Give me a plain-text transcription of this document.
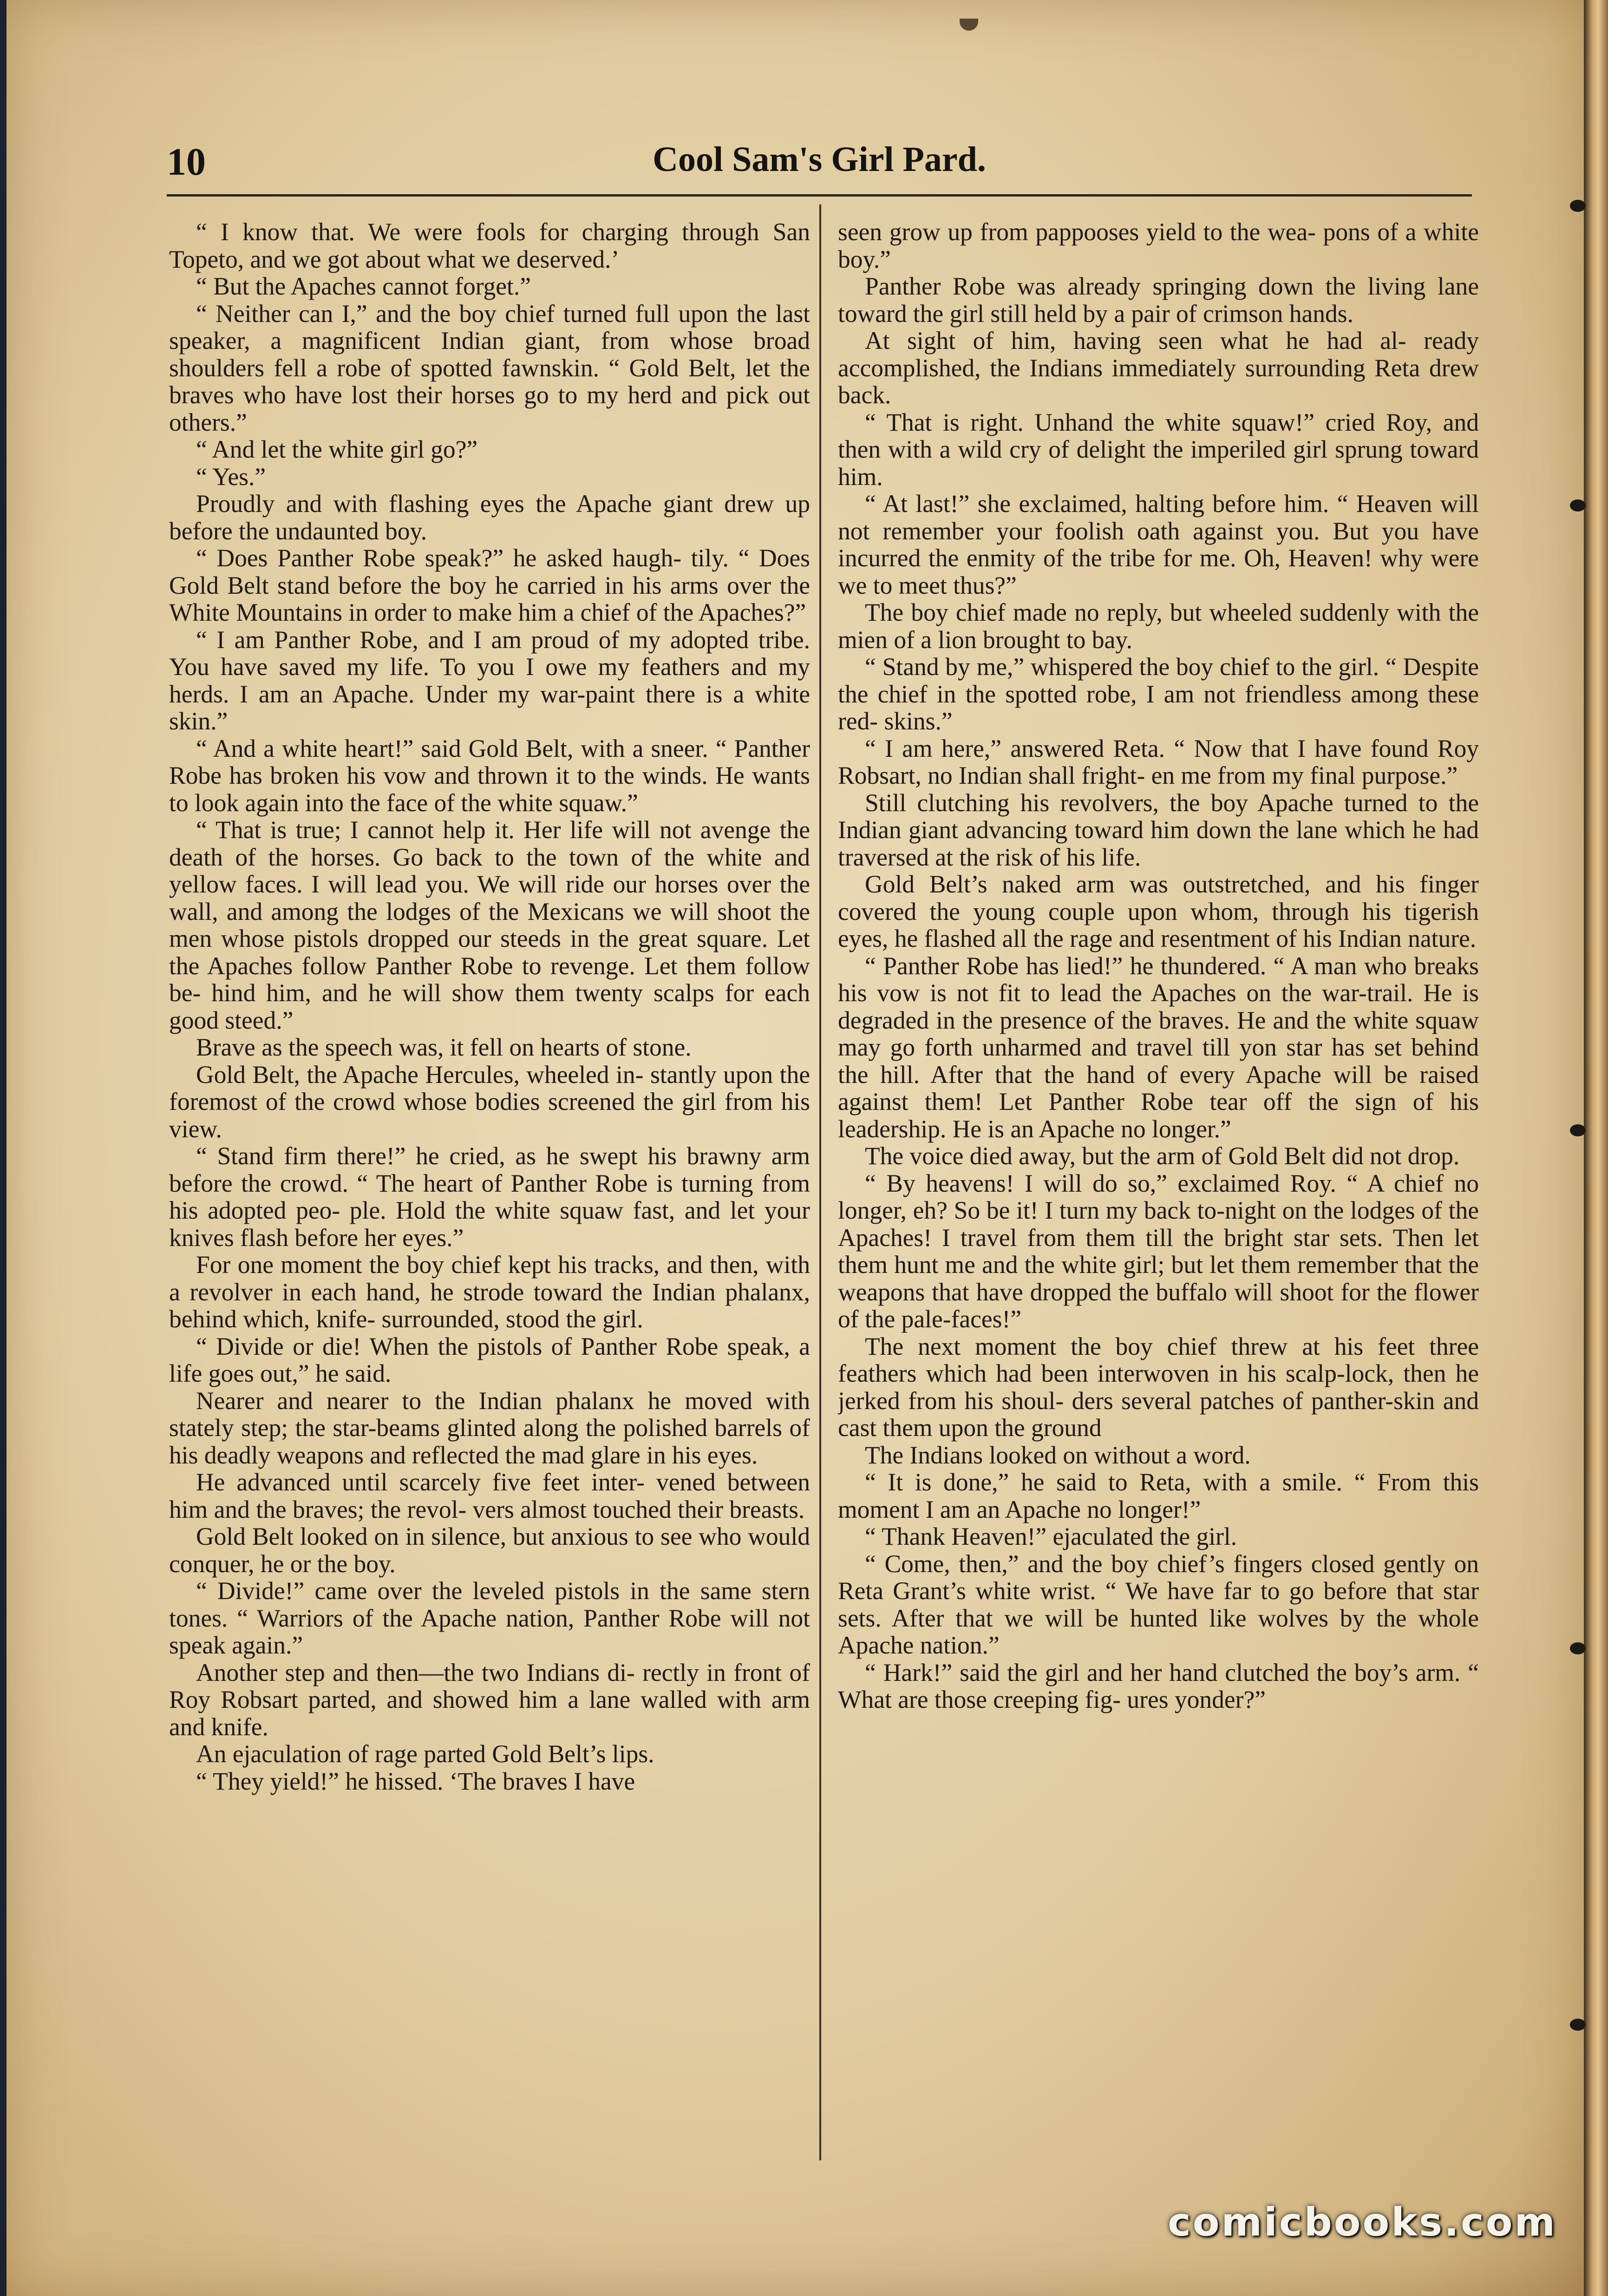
10	Cool Sam's Girl Pard.

“ I know that. We were fools for charging through San Topeto, and we got about what we deserved.’

“ But the Apaches cannot forget.”

“ Neither can I,” and the boy chief turned full upon the last speaker, a magnificent Indian giant, from whose broad shoulders fell a robe of spotted fawnskin. “ Gold Belt, let the braves who have lost their horses go to my herd and pick out others.”

“ And let the white girl go?”

“ Yes.”

Proudly and with flashing eyes the Apache giant drew up before the undaunted boy.

“ Does Panther Robe speak?” he asked haugh- tily. “ Does Gold Belt stand before the boy he carried in his arms over the White Mountains in order to make him a chief of the Apaches?”

“ I am Panther Robe, and I am proud of my adopted tribe. You have saved my life. To you I owe my feathers and my herds. I am an Apache. Under my war-paint there is a white skin.”

“ And a white heart!” said Gold Belt, with a sneer. “ Panther Robe has broken his vow and thrown it to the winds. He wants to look again into the face of the white squaw.”

“ That is true; I cannot help it. Her life will not avenge the death of the horses. Go back to the town of the white and yellow faces. I will lead you. We will ride our horses over the wall, and among the lodges of the Mexicans we will shoot the men whose pistols dropped our steeds in the great square. Let the Apaches follow Panther Robe to revenge. Let them follow be- hind him, and he will show them twenty scalps for each good steed.”

Brave as the speech was, it fell on hearts of stone.

Gold Belt, the Apache Hercules, wheeled in- stantly upon the foremost of the crowd whose bodies screened the girl from his view.

“ Stand firm there!” he cried, as he swept his brawny arm before the crowd. “ The heart of Panther Robe is turning from his adopted peo- ple. Hold the white squaw fast, and let your knives flash before her eyes.”

For one moment the boy chief kept his tracks, and then, with a revolver in each hand, he strode toward the Indian phalanx, behind which, knife- surrounded, stood the girl.

“ Divide or die! When the pistols of Panther Robe speak, a life goes out,” he said.

Nearer and nearer to the Indian phalanx he moved with stately step; the star-beams glinted along the polished barrels of his deadly weapons and reflected the mad glare in his eyes.

He advanced until scarcely five feet inter- vened between him and the braves; the revol- vers almost touched their breasts.

Gold Belt looked on in silence, but anxious to see who would conquer, he or the boy.

“ Divide!” came over the leveled pistols in the same stern tones. “ Warriors of the Apache nation, Panther Robe will not speak again.”

Another step and then—the two Indians di- rectly in front of Roy Robsart parted, and showed him a lane walled with arm and knife.

An ejaculation of rage parted Gold Belt’s lips.

“ They yield!” he hissed. ‘The braves I have

seen grow up from pappooses yield to the wea- pons of a white boy.”

Panther Robe was already springing down the living lane toward the girl still held by a pair of crimson hands.

At sight of him, having seen what he had al- ready accomplished, the Indians immediately surrounding Reta drew back.

“ That is right. Unhand the white squaw!” cried Roy, and then with a wild cry of delight the imperiled girl sprung toward him.

“ At last!” she exclaimed, halting before him. “ Heaven will not remember your foolish oath against you. But you have incurred the enmity of the tribe for me. Oh, Heaven! why were we to meet thus?”

The boy chief made no reply, but wheeled suddenly with the mien of a lion brought to bay.

“ Stand by me,” whispered the boy chief to the girl. “ Despite the chief in the spotted robe, I am not friendless among these red- skins.”

“ I am here,” answered Reta. “ Now that I have found Roy Robsart, no Indian shall fright- en me from my final purpose.”

Still clutching his revolvers, the boy Apache turned to the Indian giant advancing toward him down the lane which he had traversed at the risk of his life.

Gold Belt’s naked arm was outstretched, and his finger covered the young couple upon whom, through his tigerish eyes, he flashed all the rage and resentment of his Indian nature.

“ Panther Robe has lied!” he thundered. “ A man who breaks his vow is not fit to lead the Apaches on the war-trail. He is degraded in the presence of the braves. He and the white squaw may go forth unharmed and travel till yon star has set behind the hill. After that the hand of every Apache will be raised against them! Let Panther Robe tear off the sign of his leadership. He is an Apache no longer.”

The voice died away, but the arm of Gold Belt did not drop.

“ By heavens! I will do so,” exclaimed Roy. “ A chief no longer, eh? So be it! I turn my back to-night on the lodges of the Apaches! I travel from them till the bright star sets. Then let them hunt me and the white girl; but let them remember that the weapons that have dropped the buffalo will shoot for the flower of the pale-faces!”

The next moment the boy chief threw at his feet three feathers which had been interwoven in his scalp-lock, then he jerked from his shoul- ders several patches of panther-skin and cast them upon the ground

The Indians looked on without a word.

“ It is done,” he said to Reta, with a smile. “ From this moment I am an Apache no longer!”

“ Thank Heaven!” ejaculated the girl.

“ Come, then,” and the boy chief’s fingers closed gently on Reta Grant’s white wrist. “ We have far to go before that star sets. After that we will be hunted like wolves by the whole Apache nation.”

“ Hark!” said the girl and her hand clutched the boy’s arm. “ What are those creeping fig- ures yonder?”

comicbooks.com
